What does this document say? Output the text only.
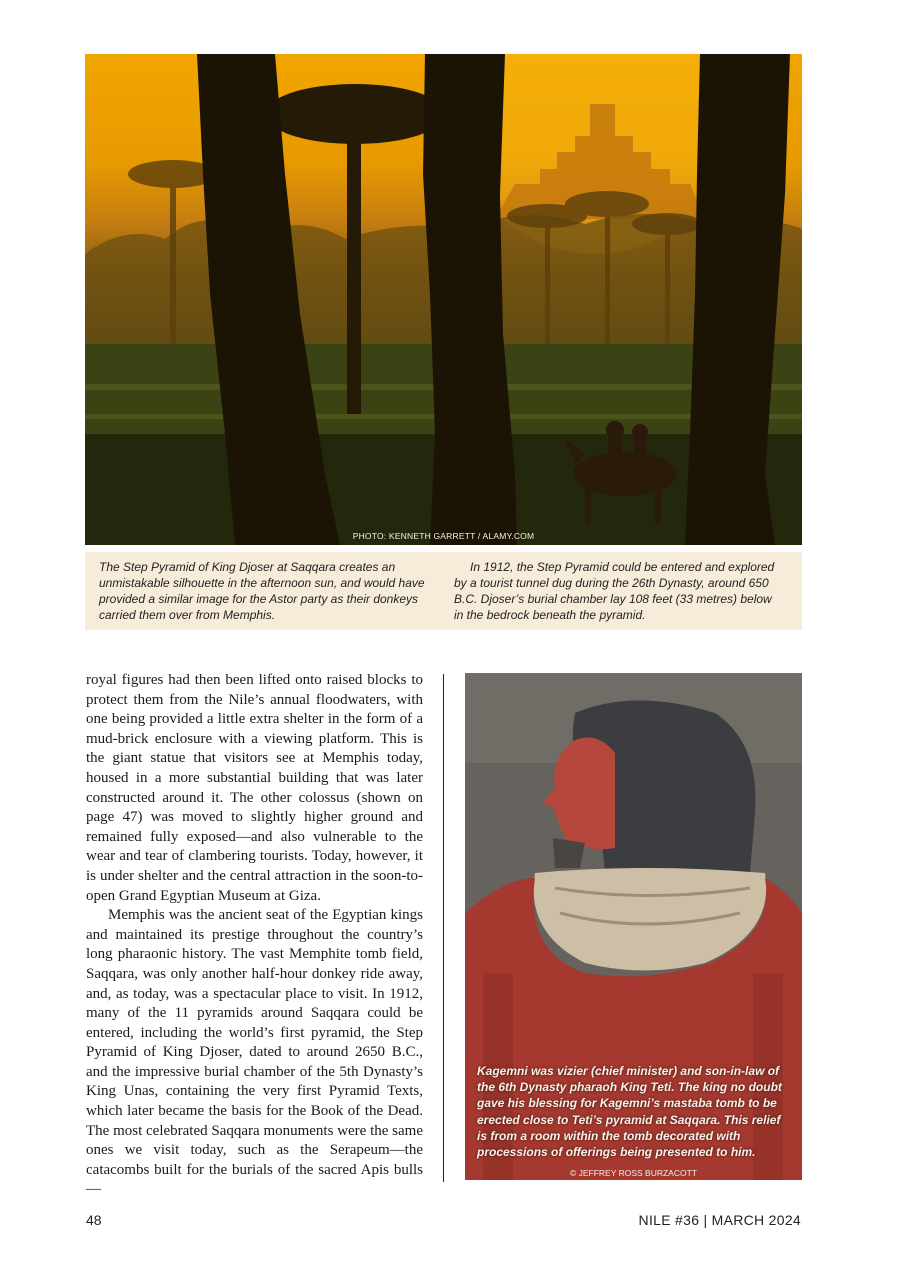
PHOTO: KENNETH GARRETT / ALAMY.COM
The Step Pyramid of King Djoser at Saqqara creates an unmistakable silhouette in the afternoon sun, and would have provided a similar image for the Astor party as their donkeys carried them over from Memphis.
In 1912, the Step Pyramid could be entered and explored by a tourist tunnel dug during the 26th Dynasty, around 650 B.C. Djoser’s burial chamber lay 108 feet (33 metres) below in the bedrock beneath the pyramid.

royal figures had then been lifted onto raised blocks to protect them from the Nile’s annual floodwaters, with one being provided a little extra shelter in the form of a mud-brick enclosure with a viewing platform. This is the giant statue that visitors see at Memphis today, housed in a more substantial building that was later constructed around it. The other colossus (shown on page 47) was moved to slightly higher ground and remained fully exposed—and also vulnerable to the wear and tear of clambering tourists. Today, however, it is under shelter and the central attraction in the soon-to-open Grand Egyptian Museum at Giza.

Memphis was the ancient seat of the Egyptian kings and maintained its prestige throughout the country’s long pharaonic history. The vast Memphite tomb field, Saqqara, was only another half-hour donkey ride away, and, as today, was a spectacular place to visit. In 1912, many of the 11 pyramids around Saqqara could be entered, including the world’s first pyramid, the Step Pyramid of King Djoser, dated to around 2650 B.C., and the impressive burial chamber of the 5th Dynasty’s King Unas, containing the very first Pyramid Texts, which later became the basis for the Book of the Dead. The most celebrated Saqqara monuments were the same ones we visit today, such as the Serapeum—the catacombs built for the burials of the sacred Apis bulls—

Kagemni was vizier (chief minister) and son-in-law of the 6th Dynasty pharaoh King Teti. The king no doubt gave his blessing for Kagemni’s mastaba tomb to be erected close to Teti’s pyramid at Saqqara. This relief is from a room within the tomb decorated with processions of offerings being presented to him.
© JEFFREY ROSS BURZACOTT
48	NILE #36 | MARCH 2024
